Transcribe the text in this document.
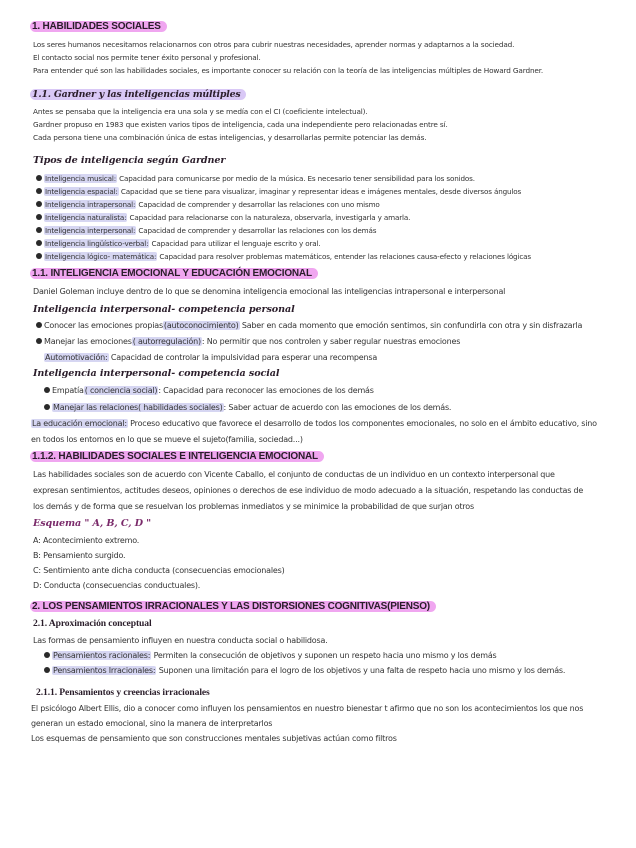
1. HABILIDADES SOCIALES
Los seres humanos necesitamos relacionarnos con otros para cubrir nuestras necesidades, aprender normas y adaptarnos a la sociedad.
El contacto social nos permite tener éxito personal y profesional.
Para entender qué son las habilidades sociales, es importante conocer su relación con la teoría de las inteligencias múltiples de Howard Gardner.
1.1. Gardner y las inteligencias múltiples
Antes se pensaba que la inteligencia era una sola y se medía con el CI (coeficiente intelectual).
Gardner propuso en 1983 que existen varios tipos de inteligencia, cada una independiente pero relacionadas entre sí.
Cada persona tiene una combinación única de estas inteligencias, y desarrollarlas permite potenciar las demás.
Tipos de inteligencia según Gardner
Inteligencia musical: Capacidad para comunicarse por medio de la música. Es necesario tener sensibilidad para los sonidos.
Inteligencia espacial: Capacidad que se tiene para visualizar, imaginar y representar ideas e imágenes mentales, desde diversos ángulos
Inteligencia intrapersonal: Capacidad de comprender y desarrollar las relaciones con uno mismo
Inteligencia naturalista: Capacidad para relacionarse con la naturaleza, observarla, investigarla y amarla.
Inteligencia interpersonal: Capacidad de comprender y desarrollar las relaciones con los demás
Inteligencia lingüístico-verbal: Capacidad para utilizar el lenguaje escrito y oral.
Inteligencia lógico- matemática: Capacidad para resolver problemas matemáticos, entender las relaciones causa-efecto y relaciones lógicas
1.1. INTELIGENCIA EMOCIONAL Y EDUCACIÓN EMOCIONAL
Daniel Goleman incluye dentro de lo que se denomina inteligencia emocional las inteligencias intrapersonal e interpersonal
Inteligencia interpersonal- competencia personal
Conocer las emociones propias(autoconocimiento) Saber en cada momento que emoción sentimos, sin confundirla con otra y sin disfrazarla
Manejar las emociones( autorregulación): No permitir que nos controlen y saber regular nuestras emociones
Automotivación: Capacidad de controlar la impulsividad para esperar una recompensa
Inteligencia interpersonal- competencia social
Empatía( conciencia social): Capacidad para reconocer las emociones de los demás
Manejar las relaciones( habilidades sociales): Saber actuar de acuerdo con las emociones de los demás.
La educación emocional: Proceso educativo que favorece el desarrollo de todos los componentes emocionales, no solo en el ámbito educativo, sino
en todos los entornos en lo que se mueve el sujeto(familia, sociedad...)
1.1.2. HABILIDADES SOCIALES E INTELIGENCIA EMOCIONAL
Las habilidades sociales son de acuerdo con Vicente Caballo, el conjunto de conductas de un individuo en un contexto interpersonal que
expresan sentimientos, actitudes deseos, opiniones o derechos de ese individuo de modo adecuado a la situación, respetando las conductas de
los demás y de forma que se resuelvan los problemas inmediatos y se minimice la probabilidad de que surjan otros
Esquema " A, B, C, D "
A: Acontecimiento extremo.
B: Pensamiento surgido.
C: Sentimiento ante dicha conducta (consecuencias emocionales)
D: Conducta (consecuencias conductuales).
2. LOS PENSAMIENTOS IRRACIONALES Y LAS DISTORSIONES COGNITIVAS(PIENSO)
2.1. Aproximación conceptual
Las formas de pensamiento influyen en nuestra conducta social o habilidosa.
Pensamientos racionales: Permiten la consecución de objetivos y suponen un respeto hacia uno mismo y los demás
Pensamientos Irracionales: Suponen una limitación para el logro de los objetivos y una falta de respeto hacia uno mismo y los demás.
2.1.1. Pensamientos y creencias irracionales
El psicólogo Albert Ellis, dio a conocer como influyen los pensamientos en nuestro bienestar t afirmo que no son los acontecimientos los que nos
generan un estado emocional, sino la manera de interpretarlos
Los esquemas de pensamiento que son construcciones mentales subjetivas actúan como filtros
